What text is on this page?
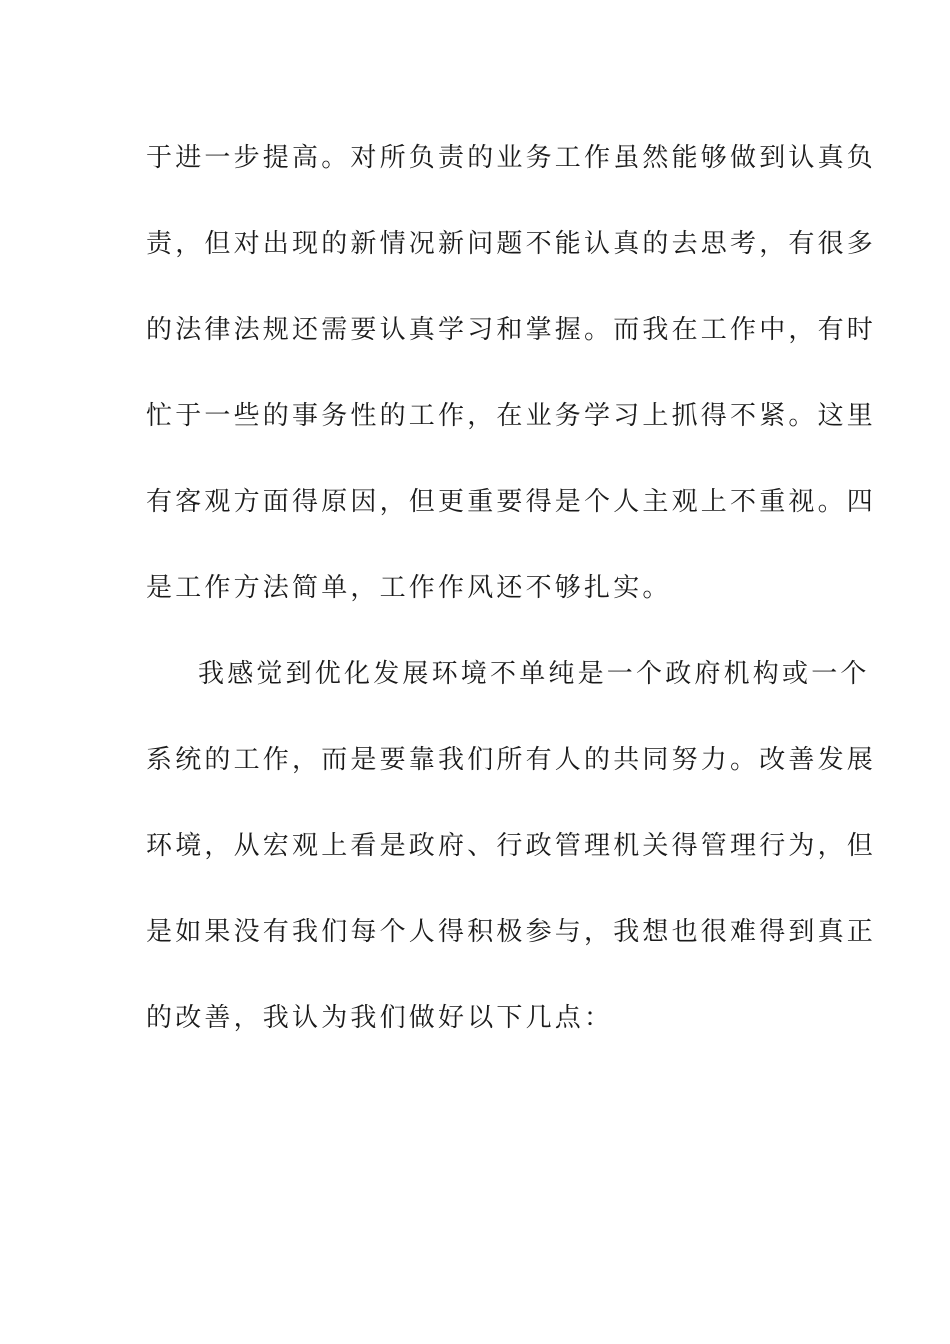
于进一步提高。对所负责的业务工作虽然能够做到认真负
责，但对出现的新情况新问题不能认真的去思考，有很多
的法律法规还需要认真学习和掌握。而我在工作中，有时
忙于一些的事务性的工作，在业务学习上抓得不紧。这里
有客观方面得原因，但更重要得是个人主观上不重视。四
是工作方法简单，工作作风还不够扎实。
我感觉到优化发展环境不单纯是一个政府机构或一个
系统的工作，而是要靠我们所有人的共同努力。改善发展
环境，从宏观上看是政府、行政管理机关得管理行为，但
是如果没有我们每个人得积极参与，我想也很难得到真正
的改善，我认为我们做好以下几点：
